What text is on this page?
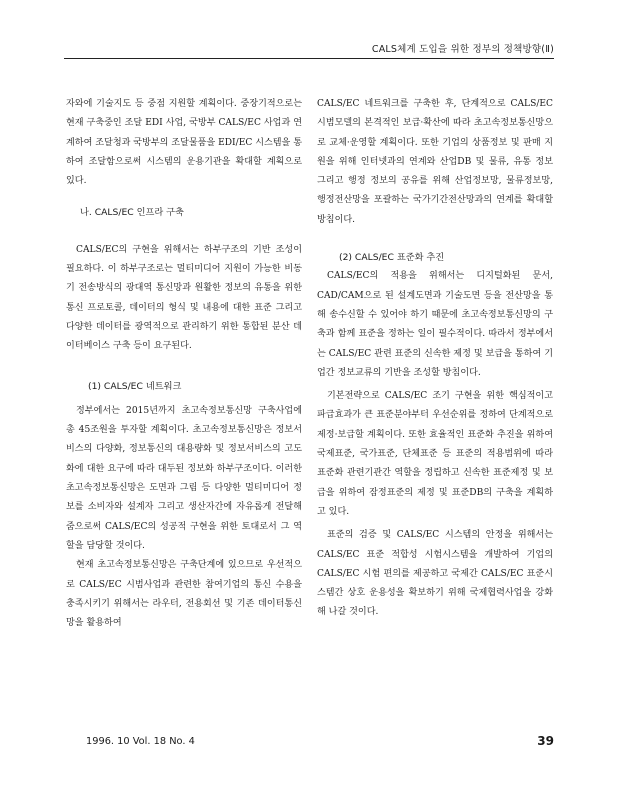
CALS체계 도입을 위한 정부의 정책방향(Ⅱ)

자와에 기술지도 등 중점 지원할 계획이다. 중장기적으로는 현재 구축중인 조달 EDI 사업, 국방부 CALS/EC 사업과 연계하여 조달청과 국방부의 조달물품을 EDI/EC 시스템을 통하여 조달함으로써 시스템의 운용기관을 확대할 계획으로 있다.

나. CALS/EC 인프라 구축

CALS/EC의 구현을 위해서는 하부구조의 기반 조성이 필요하다. 이 하부구조로는 멀티미디어 지원이 가능한 비동기 전송방식의 광대역 통신망과 원활한 정보의 유통을 위한 통신 프로토콜, 데이터의 형식 및 내용에 대한 표준 그리고 다양한 데이터를 광역적으로 관리하기 위한 통합된 분산 데이터베이스 구축 등이 요구된다.

(1) CALS/EC 네트워크

정부에서는 2015년까지 초고속정보통신망 구축사업에 총 45조원을 투자할 계획이다. 초고속정보통신망은 정보서비스의 다양화, 정보통신의 대용량화 및 정보서비스의 고도화에 대한 요구에 따라 대두된 정보화 하부구조이다. 이러한 초고속정보통신망은 도면과 그림 등 다양한 멀티미디어 정보를 소비자와 설계자 그리고 생산자간에 자유롭게 전달해줌으로써 CALS/EC의 성공적 구현을 위한 토대로서 그 역할을 담당할 것이다.

현재 초고속정보통신망은 구축단계에 있으므로 우선적으로 CALS/EC 시범사업과 관련한 참여기업의 통신 수용을 충족시키기 위해서는 라우터, 전용회선 및 기존 데이터통신망을 활용하여

CALS/EC 네트워크를 구축한 후, 단계적으로 CALS/EC 시범모델의 본격적인 보급·확산에 따라 초고속정보통신망으로 교체·운영할 계획이다. 또한 기업의 상품정보 및 판매 지원을 위해 인터넷과의 연계와 산업DB 및 물류, 유통 정보 그리고 행정 정보의 공유를 위해 산업정보망, 물류정보망, 행정전산망을 포괄하는 국가기간전산망과의 연계를 확대할 방침이다.

(2) CALS/EC 표준화 추진

CALS/EC의 적용을 위해서는 디지털화된 문서, CAD/CAM으로 된 설계도면과 기술도면 등을 전산망을 통해 송수신할 수 있어야 하기 때문에 초고속정보통신망의 구축과 함께 표준을 정하는 일이 필수적이다. 따라서 정부에서는 CALS/EC 관련 표준의 신속한 제정 및 보급을 통하여 기업간 정보교류의 기반을 조성할 방침이다.

기본전략으로 CALS/EC 조기 구현을 위한 핵심적이고 파급효과가 큰 표준분야부터 우선순위를 정하여 단계적으로 제정·보급할 계획이다. 또한 효율적인 표준화 추진을 위하여 국제표준, 국가표준, 단체표준 등 표준의 적용범위에 따라 표준화 관련기관간 역할을 정립하고 신속한 표준제정 및 보급을 위하여 잠정표준의 제정 및 표준DB의 구축을 계획하고 있다.

표준의 검증 및 CALS/EC 시스템의 안정을 위해서는 CALS/EC 표준 적합성 시험시스템을 개발하여 기업의 CALS/EC 시험 편의를 제공하고 국제간 CALS/EC 표준시스템간 상호 운용성을 확보하기 위해 국제협력사업을 강화해 나갈 것이다.

1996. 10 Vol. 18 No. 4	39
